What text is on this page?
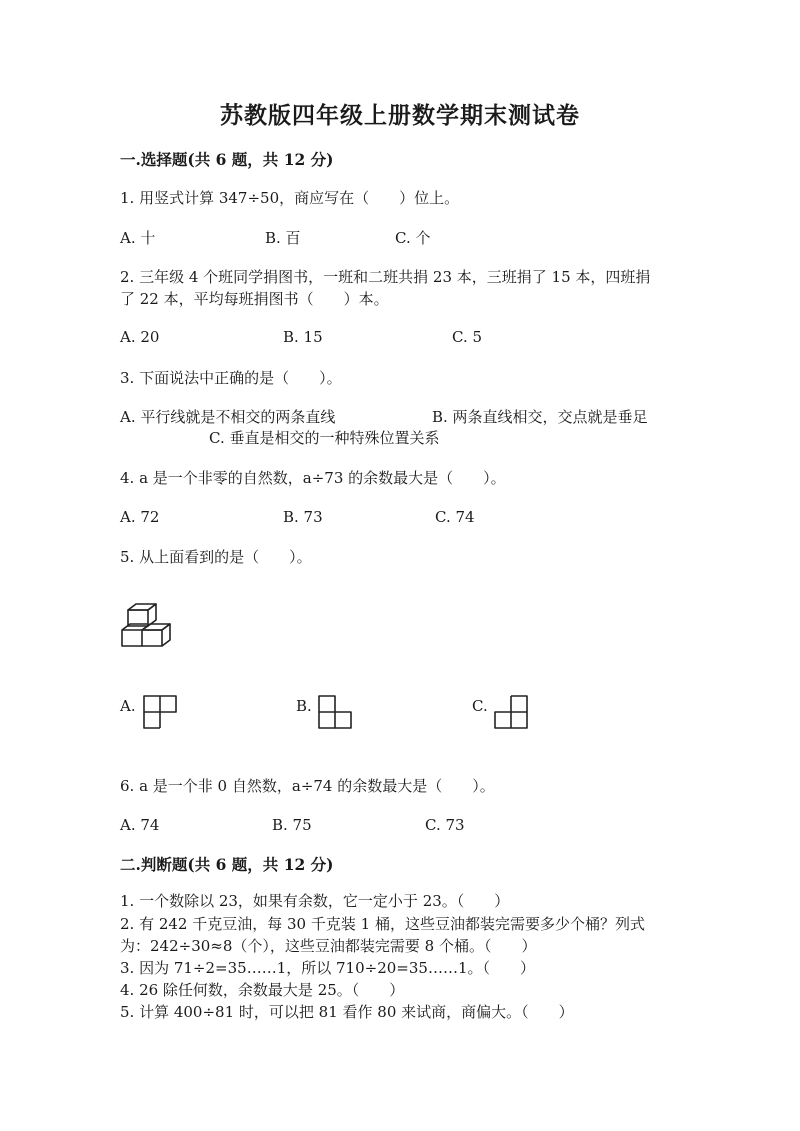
苏教版四年级上册数学期末测试卷
一.选择题(共 6 题，共 12 分)
1. 用竖式计算 347÷50，商应写在（　　）位上。
A. 十	B. 百	C. 个
2. 三年级 4 个班同学捐图书，一班和二班共捐 23 本，三班捐了 15 本，四班捐
了 22 本，平均每班捐图书（　　）本。
A. 20	B. 15	C. 5
3. 下面说法中正确的是（　　）。
A. 平行线就是不相交的两条直线	B. 两条直线相交，交点就是垂足
C. 垂直是相交的一种特殊位置关系
4. a 是一个非零的自然数，a÷73 的余数最大是（　　）。
A. 72	B. 73	C. 74
5. 从上面看到的是（　　）。
A.	B.	C.
6. a 是一个非 0 自然数，a÷74 的余数最大是（　　）。
A. 74	B. 75	C. 73
二.判断题(共 6 题，共 12 分)
1. 一个数除以 23，如果有余数，它一定小于 23。（　　）
2. 有 242 千克豆油，每 30 千克装 1 桶，这些豆油都装完需要多少个桶？列式
为：242÷30≈8（个），这些豆油都装完需要 8 个桶。（　　）
3. 因为 71÷2=35……1，所以 710÷20=35……1。（　　）
4. 26 除任何数，余数最大是 25。（　　）
5. 计算 400÷81 时，可以把 81 看作 80 来试商，商偏大。（　　）
